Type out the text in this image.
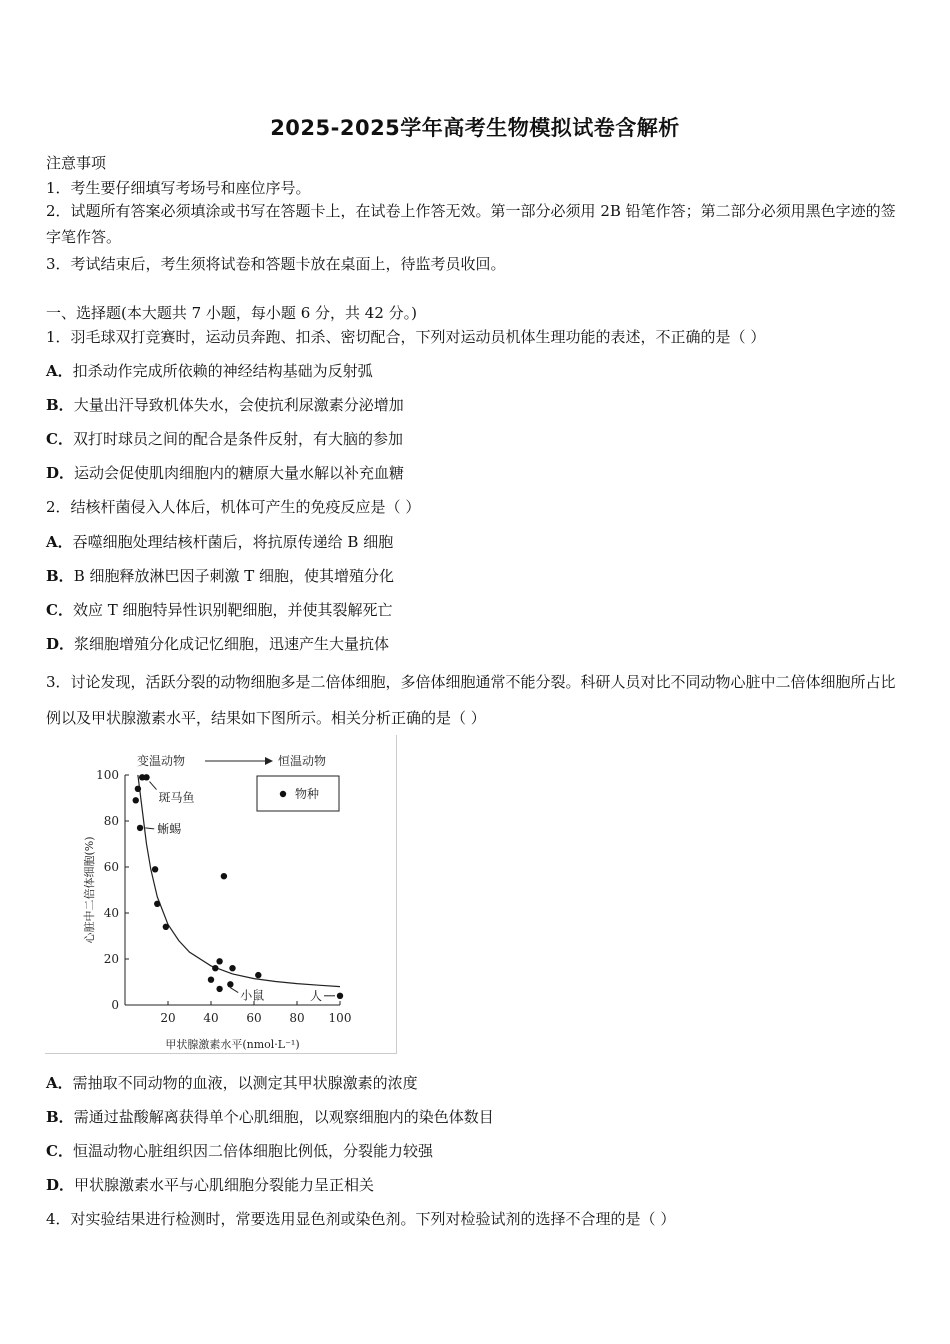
2025-2025学年高考生物模拟试卷含解析
注意事项
1．考生要仔细填写考场号和座位序号。
2．试题所有答案必须填涂或书写在答题卡上，在试卷上作答无效。第一部分必须用 2B 铅笔作答；第二部分必须用黑色字迹的签字笔作答。
3．考试结束后，考生须将试卷和答题卡放在桌面上，待监考员收回。
一、选择题(本大题共 7 小题，每小题 6 分，共 42 分。)
1．羽毛球双打竞赛时，运动员奔跑、扣杀、密切配合，下列对运动员机体生理功能的表述，不正确的是（ ）
A．扣杀动作完成所依赖的神经结构基础为反射弧
B．大量出汗导致机体失水，会使抗利尿激素分泌增加
C．双打时球员之间的配合是条件反射，有大脑的参加
D．运动会促使肌肉细胞内的糖原大量水解以补充血糖
2．结核杆菌侵入人体后，机体可产生的免疫反应是（ ）
A．吞噬细胞处理结核杆菌后，将抗原传递给 B 细胞
B．B 细胞释放淋巴因子刺激 T 细胞，使其增殖分化
C．效应 T 细胞特异性识别靶细胞，并使其裂解死亡
D．浆细胞增殖分化成记忆细胞，迅速产生大量抗体
3．讨论发现，活跃分裂的动物细胞多是二倍体细胞，多倍体细胞通常不能分裂。科研人员对比不同动物心脏中二倍体细胞所占比例以及甲状腺激素水平，结果如下图所示。相关分析正确的是（ ）
0
20
40
60
80
100
20 40 60 80 100
甲状腺激素水平(nmol·L⁻¹)
心脏中二倍体细胞(%)
变温动物	恒温动物
物种
斑马鱼
蜥蜴
小鼠	人
A．需抽取不同动物的血液，以测定其甲状腺激素的浓度
B．需通过盐酸解离获得单个心肌细胞，以观察细胞内的染色体数目
C．恒温动物心脏组织因二倍体细胞比例低，分裂能力较强
D．甲状腺激素水平与心肌细胞分裂能力呈正相关
4．对实验结果进行检测时，常要选用显色剂或染色剂。下列对检验试剂的选择不合理的是（ ）
